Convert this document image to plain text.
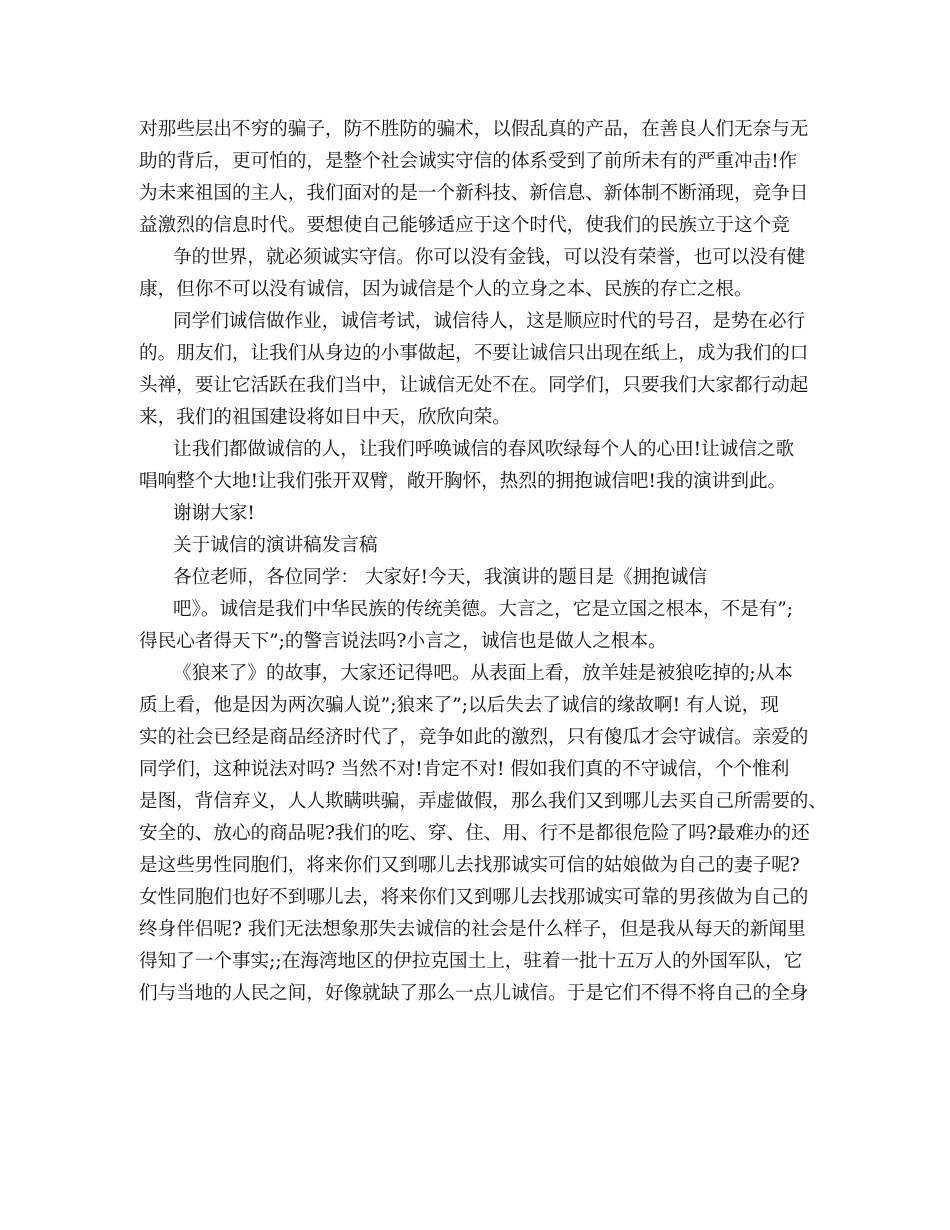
对那些层出不穷的骗子，防不胜防的骗术，以假乱真的产品，在善良人们无奈与无
助的背后，更可怕的，是整个社会诚实守信的体系受到了前所未有的严重冲击!作
为未来祖国的主人，我们面对的是一个新科技、新信息、新体制不断涌现，竞争日
益激烈的信息时代。要想使自己能够适应于这个时代，使我们的民族立于这个竞
争的世界，就必须诚实守信。你可以没有金钱，可以没有荣誉，也可以没有健
康，但你不可以没有诚信，因为诚信是个人的立身之本、民族的存亡之根。
同学们诚信做作业，诚信考试，诚信待人，这是顺应时代的号召，是势在必行
的。朋友们，让我们从身边的小事做起，不要让诚信只出现在纸上，成为我们的口
头禅，要让它活跃在我们当中，让诚信无处不在。同学们，只要我们大家都行动起
来，我们的祖国建设将如日中天，欣欣向荣。
让我们都做诚信的人，让我们呼唤诚信的春风吹绿每个人的心田!让诚信之歌
唱响整个大地!让我们张开双臂，敞开胸怀，热烈的拥抱诚信吧!我的演讲到此。
谢谢大家!
关于诚信的演讲稿发言稿
各位老师，各位同学： 大家好!今天，我演讲的题目是《拥抱诚信
吧》。诚信是我们中华民族的传统美德。大言之，它是立国之根本，不是有”;
得民心者得天下”;的警言说法吗?小言之，诚信也是做人之根本。
《狼来了》的故事，大家还记得吧。从表面上看，放羊娃是被狼吃掉的;从本
质上看，他是因为两次骗人说”;狼来了”;以后失去了诚信的缘故啊! 有人说，现
实的社会已经是商品经济时代了，竞争如此的激烈，只有傻瓜才会守诚信。亲爱的
同学们，这种说法对吗? 当然不对!肯定不对! 假如我们真的不守诚信，个个惟利
是图，背信弃义，人人欺瞒哄骗，弄虚做假，那么我们又到哪儿去买自己所需要的、
安全的、放心的商品呢?我们的吃、穿、住、用、行不是都很危险了吗?最难办的还
是这些男性同胞们，将来你们又到哪儿去找那诚实可信的姑娘做为自己的妻子呢?
女性同胞们也好不到哪儿去，将来你们又到哪儿去找那诚实可靠的男孩做为自己的
终身伴侣呢? 我们无法想象那失去诚信的社会是什么样子，但是我从每天的新闻里
得知了一个事实;;在海湾地区的伊拉克国土上，驻着一批十五万人的外国军队，它
们与当地的人民之间，好像就缺了那么一点儿诚信。于是它们不得不将自己的全身
